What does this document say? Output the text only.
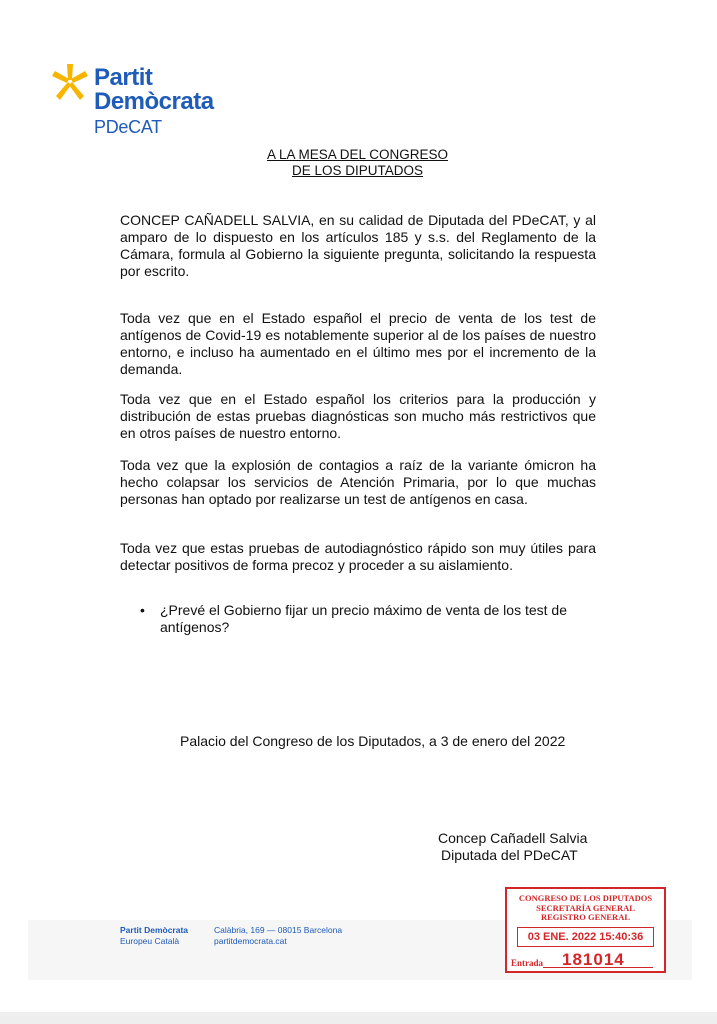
Partit
Demòcrata
PDeCAT
A LA MESA DEL CONGRESO
DE LOS DIPUTADOS
CONCEP CAÑADELL SALVIA, en su calidad de Diputada del PDeCAT, y al amparo de lo dispuesto en los artículos 185 y s.s. del Reglamento de la Cámara, formula al Gobierno la siguiente pregunta, solicitando la respuesta por escrito.
Toda vez que en el Estado español el precio de venta de los test de antígenos de Covid-19 es notablemente superior al de los países de nuestro entorno, e incluso ha aumentado en el último mes por el incremento de la demanda.
Toda vez que en el Estado español los criterios para la producción y distribución de estas pruebas diagnósticas son mucho más restrictivos que en otros países de nuestro entorno.
Toda vez que la explosión de contagios a raíz de la variante ómicron ha hecho colapsar los servicios de Atención Primaria, por lo que muchas personas han optado por realizarse un test de antígenos en casa.
Toda vez que estas pruebas de autodiagnóstico rápido son muy útiles para detectar positivos de forma precoz y proceder a su aislamiento.
• ¿Prevé el Gobierno fijar un precio máximo de venta de los test de antígenos?
Palacio del Congreso de los Diputados, a 3 de enero del 2022
Concep Cañadell Salvia
Diputada del PDeCAT
Partit Demòcrata
Europeu Català
Calàbria, 169 — 08015 Barcelona
partitdemocrata.cat
CONGRESO DE LOS DIPUTADOS
SECRETARÍA GENERAL
REGISTRO GENERAL
03 ENE. 2022 15:40:36
Entrada 181014
